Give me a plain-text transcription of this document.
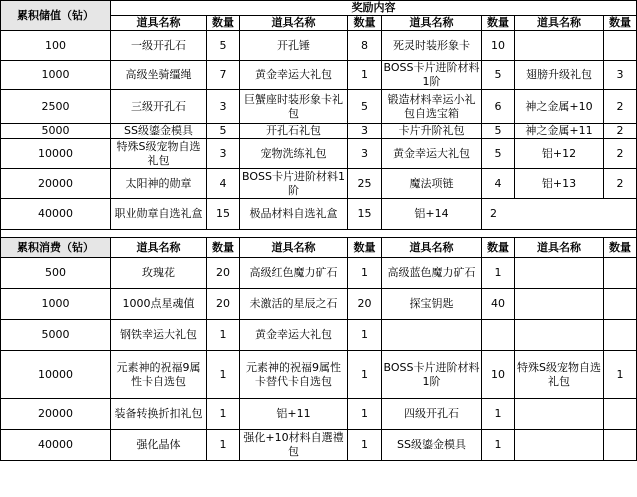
累积储值（钻）	奖励内容							
	道具名称	数量	道具名称	数量	道具名称	数量	道具名称	数量
100	一级开孔石	5	开孔锤	8	死灵时装形象卡	10		
1000	高级坐骑缰绳	7	黄金幸运大礼包	1	BOSS卡片进阶材料1阶	5	翅膀升级礼包	3
2500	三级开孔石	3	巨蟹座时装形象卡礼包	5	锻造材料幸运小礼包自选宝箱	6	神之金属+10	2
5000	SS级鎏金模具	5	开孔石礼包	3	卡片升阶礼包	5	神之金属+11	2
10000	特殊S级宠物自选礼包	3	宠物洗练礼包	3	黄金幸运大礼包	5	铝+12	2
20000	太阳神的勋章	4	BOSS卡片进阶材料1阶	25	魔法项链	4	铝+13	2
40000	职业勋章自选礼盒	15	极品材料自选礼盒	15	铝+14	2		

累积消费（钻）	道具名称	数量	道具名称	数量	道具名称	数量	道具名称	数量
500	玫瑰花	20	高级红色魔力矿石	1	高级蓝色魔力矿石	1		
1000	1000点星魂值	20	未激活的星辰之石	20	探宝钥匙	40		
5000	钢铁幸运大礼包	1	黄金幸运大礼包	1				
10000	元素神的祝福9属性卡自选包	1	元素神的祝福9属性卡替代卡自选包	1	BOSS卡片进阶材料1阶	10	特殊S级宠物自选礼包	1
20000	装备转换折扣礼包	1	铝+11	1	四级开孔石	1		
40000	强化晶体	1	强化+10材料自選禮包	1	SS级鎏金模具	1		
